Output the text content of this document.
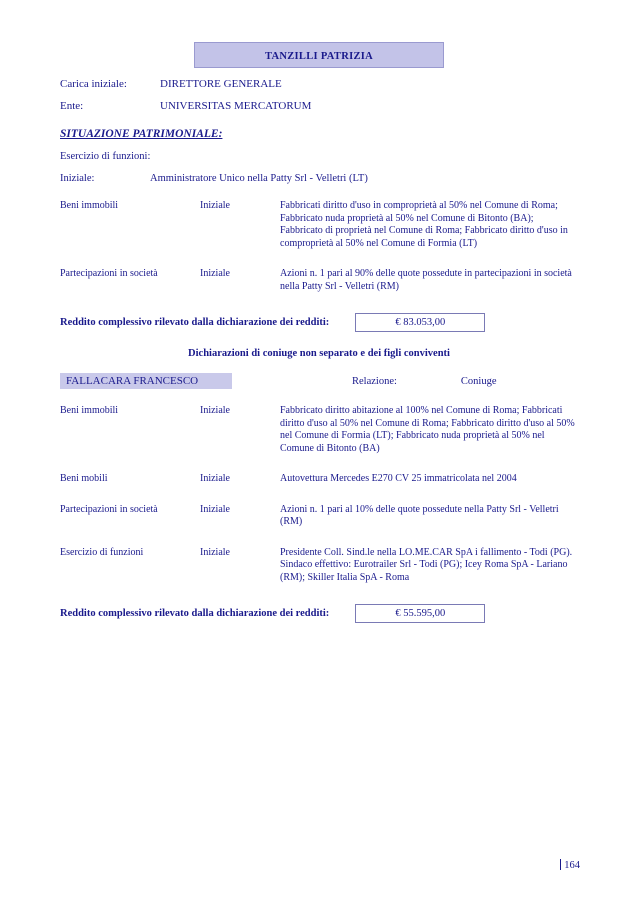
TANZILLI PATRIZIA
Carica iniziale:	DIRETTORE GENERALE
Ente:	UNIVERSITAS MERCATORUM
SITUAZIONE PATRIMONIALE:
Esercizio di funzioni:
Iniziale:	Amministratore Unico nella Patty Srl - Velletri (LT)
Beni immobili	Iniziale	Fabbricati diritto d'uso in comproprietà al 50% nel Comune di Roma; Fabbricato nuda proprietà al 50% nel Comune di Bitonto (BA); Fabbricato di proprietà nel Comune di Roma; Fabbricato diritto d'uso in comproprietà al 50% nel Comune di Formia (LT)
Partecipazioni in società	Iniziale	Azioni n. 1 pari al 90% delle quote possedute in partecipazioni in società nella Patty Srl - Velletri (RM)
Reddito complessivo rilevato dalla dichiarazione dei redditi:	€ 83.053,00
Dichiarazioni di coniuge non separato e dei figli conviventi
FALLACARA FRANCESCO	Relazione:	Coniuge
Beni immobili	Iniziale	Fabbricato diritto abitazione al 100% nel Comune di Roma; Fabbricati diritto d'uso al 50% nel Comune di Roma; Fabbricato diritto d'uso al 50% nel Comune di Formia (LT); Fabbricato nuda proprietà al 50% nel Comune di Bitonto (BA)
Beni mobili	Iniziale	Autovettura Mercedes E270 CV 25 immatricolata nel 2004
Partecipazioni in società	Iniziale	Azioni n. 1 pari al 10% delle quote possedute nella Patty Srl - Velletri (RM)
Esercizio di funzioni	Iniziale	Presidente Coll. Sind.le nella LO.ME.CAR SpA i fallimento - Todi (PG). Sindaco effettivo: Eurotrailer Srl - Todi (PG); Icey Roma SpA - Lariano (RM); Skiller Italia SpA - Roma
Reddito complessivo rilevato dalla dichiarazione dei redditi:	€ 55.595,00
164
